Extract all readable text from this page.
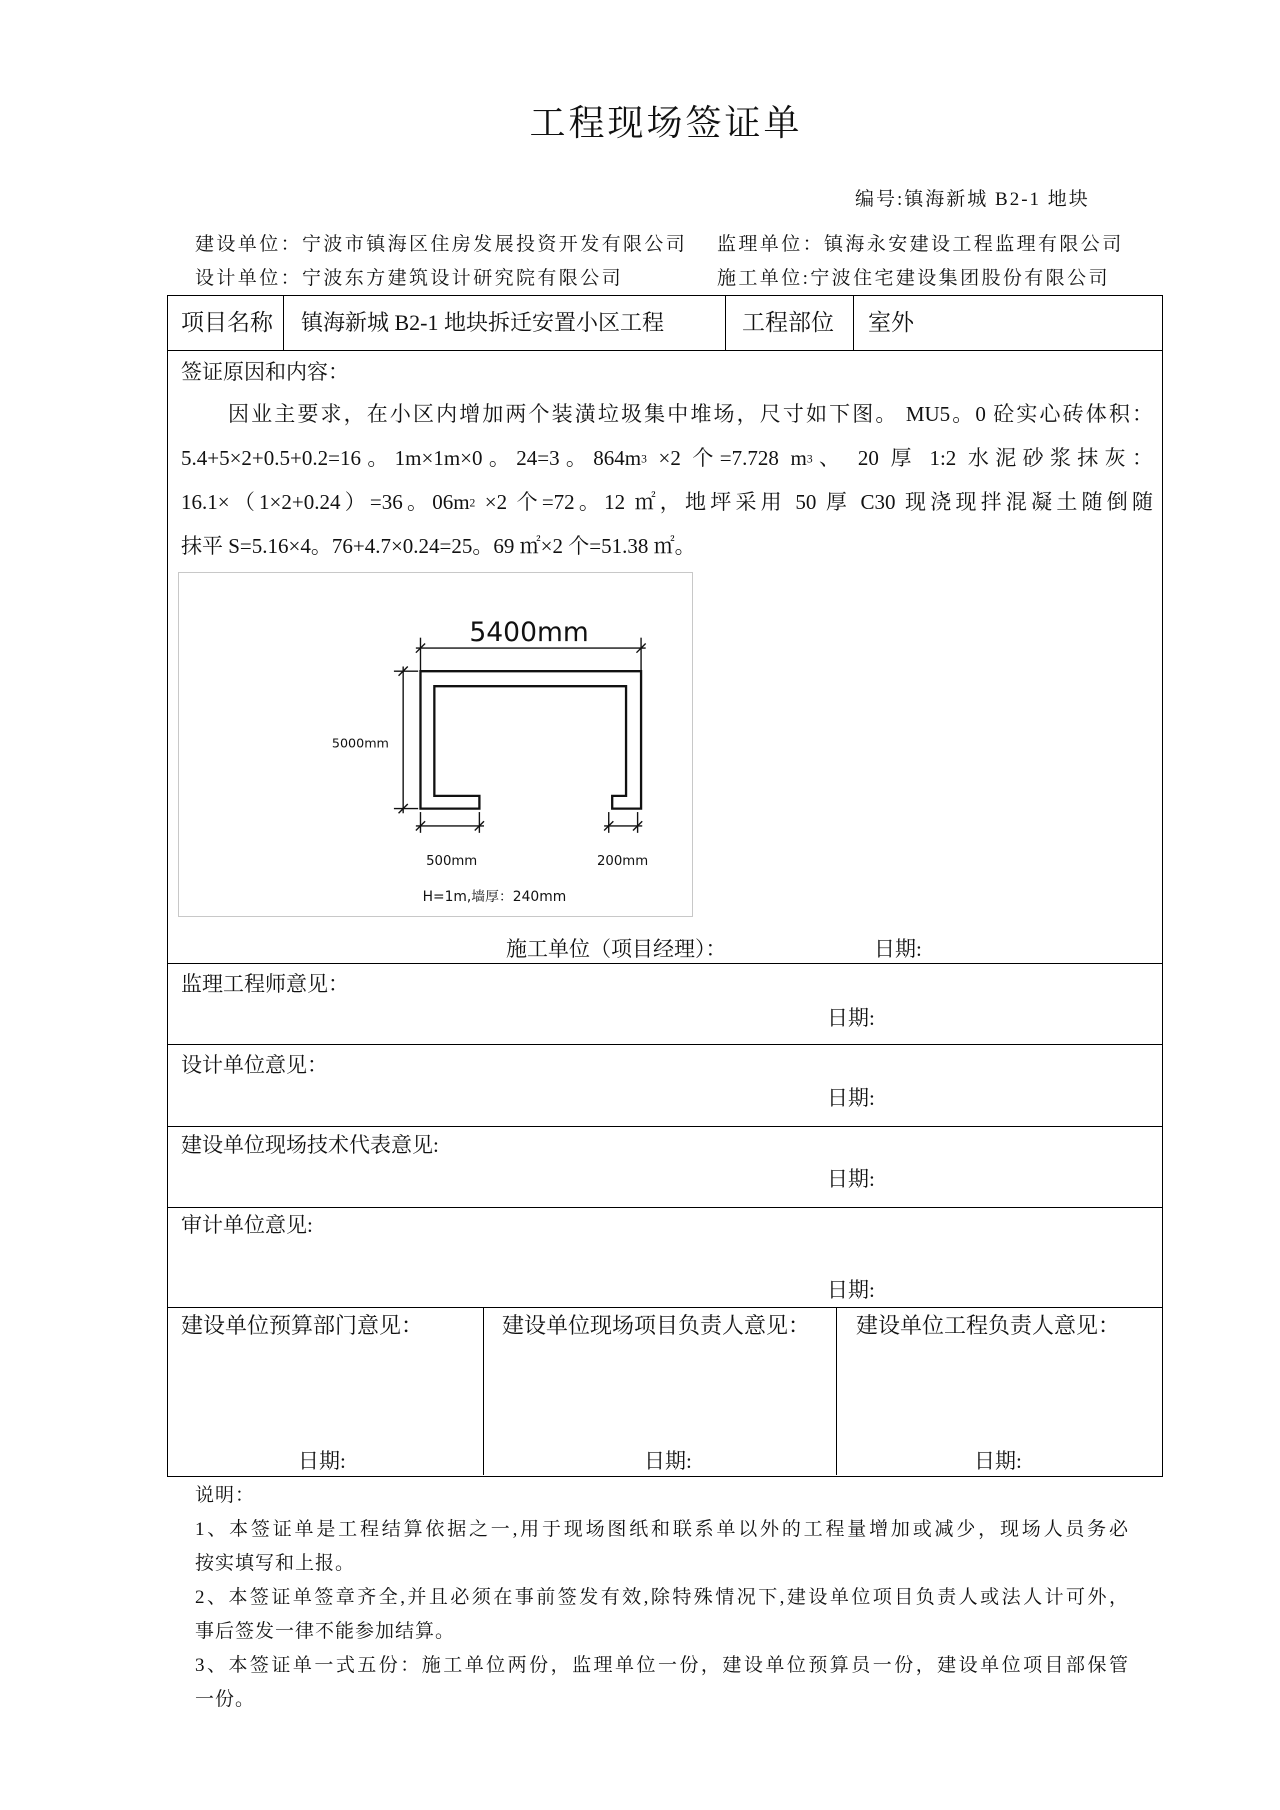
工程现场签证单
编号:镇海新城 B2-1 地块
建设单位：宁波市镇海区住房发展投资开发有限公司 监理单位：镇海永安建设工程监理有限公司
设计单位：宁波东方建筑设计研究院有限公司	施工单位:宁波住宅建设集团股份有限公司
项目名称 镇海新城 B2-1 地块拆迁安置小区工程	工程部位 室外
签证原因和内容：
因业主要求，在小区内增加两个装潢垃圾集中堆场，尺寸如下图。 MU5。0 砼实心砖体积：
5.4+5×2+0.5+0.2=16。1m×1m×0。24=3。$864m^3 \times 2$ 个=7.728 $m^3$、 20 厚 1:2 水泥砂浆抹灰：
16.1×（1×2+0.24）=36。$06m^2 \times 2$ 个=72。12 ㎡，地坪采用 50 厚 C30 现浇现拌混凝土随倒随
抹平 S=5.16×4。76+4.7×0.24=25。69 ㎡×2 个=51.38 ㎡。
5400mm
5000mm
500mm	200mm
H=1m,墙厚：240mm
施工单位（项目经理）：	日期:
监理工程师意见：
日期:
设计单位意见：
日期:
建设单位现场技术代表意见:
日期:
审计单位意见:
日期:
建设单位预算部门意见：
日期:
建设单位现场项目负责人意见：
日期:
建设单位工程负责人意见：
日期:
说明：
1、本签证单是工程结算依据之一,用于现场图纸和联系单以外的工程量增加或减少，现场人员务必
按实填写和上报。
2、本签证单签章齐全,并且必须在事前签发有效,除特殊情况下,建设单位项目负责人或法人计可外，
事后签发一律不能参加结算。
3、本签证单一式五份：施工单位两份，监理单位一份，建设单位预算员一份，建设单位项目部保管
一份。
